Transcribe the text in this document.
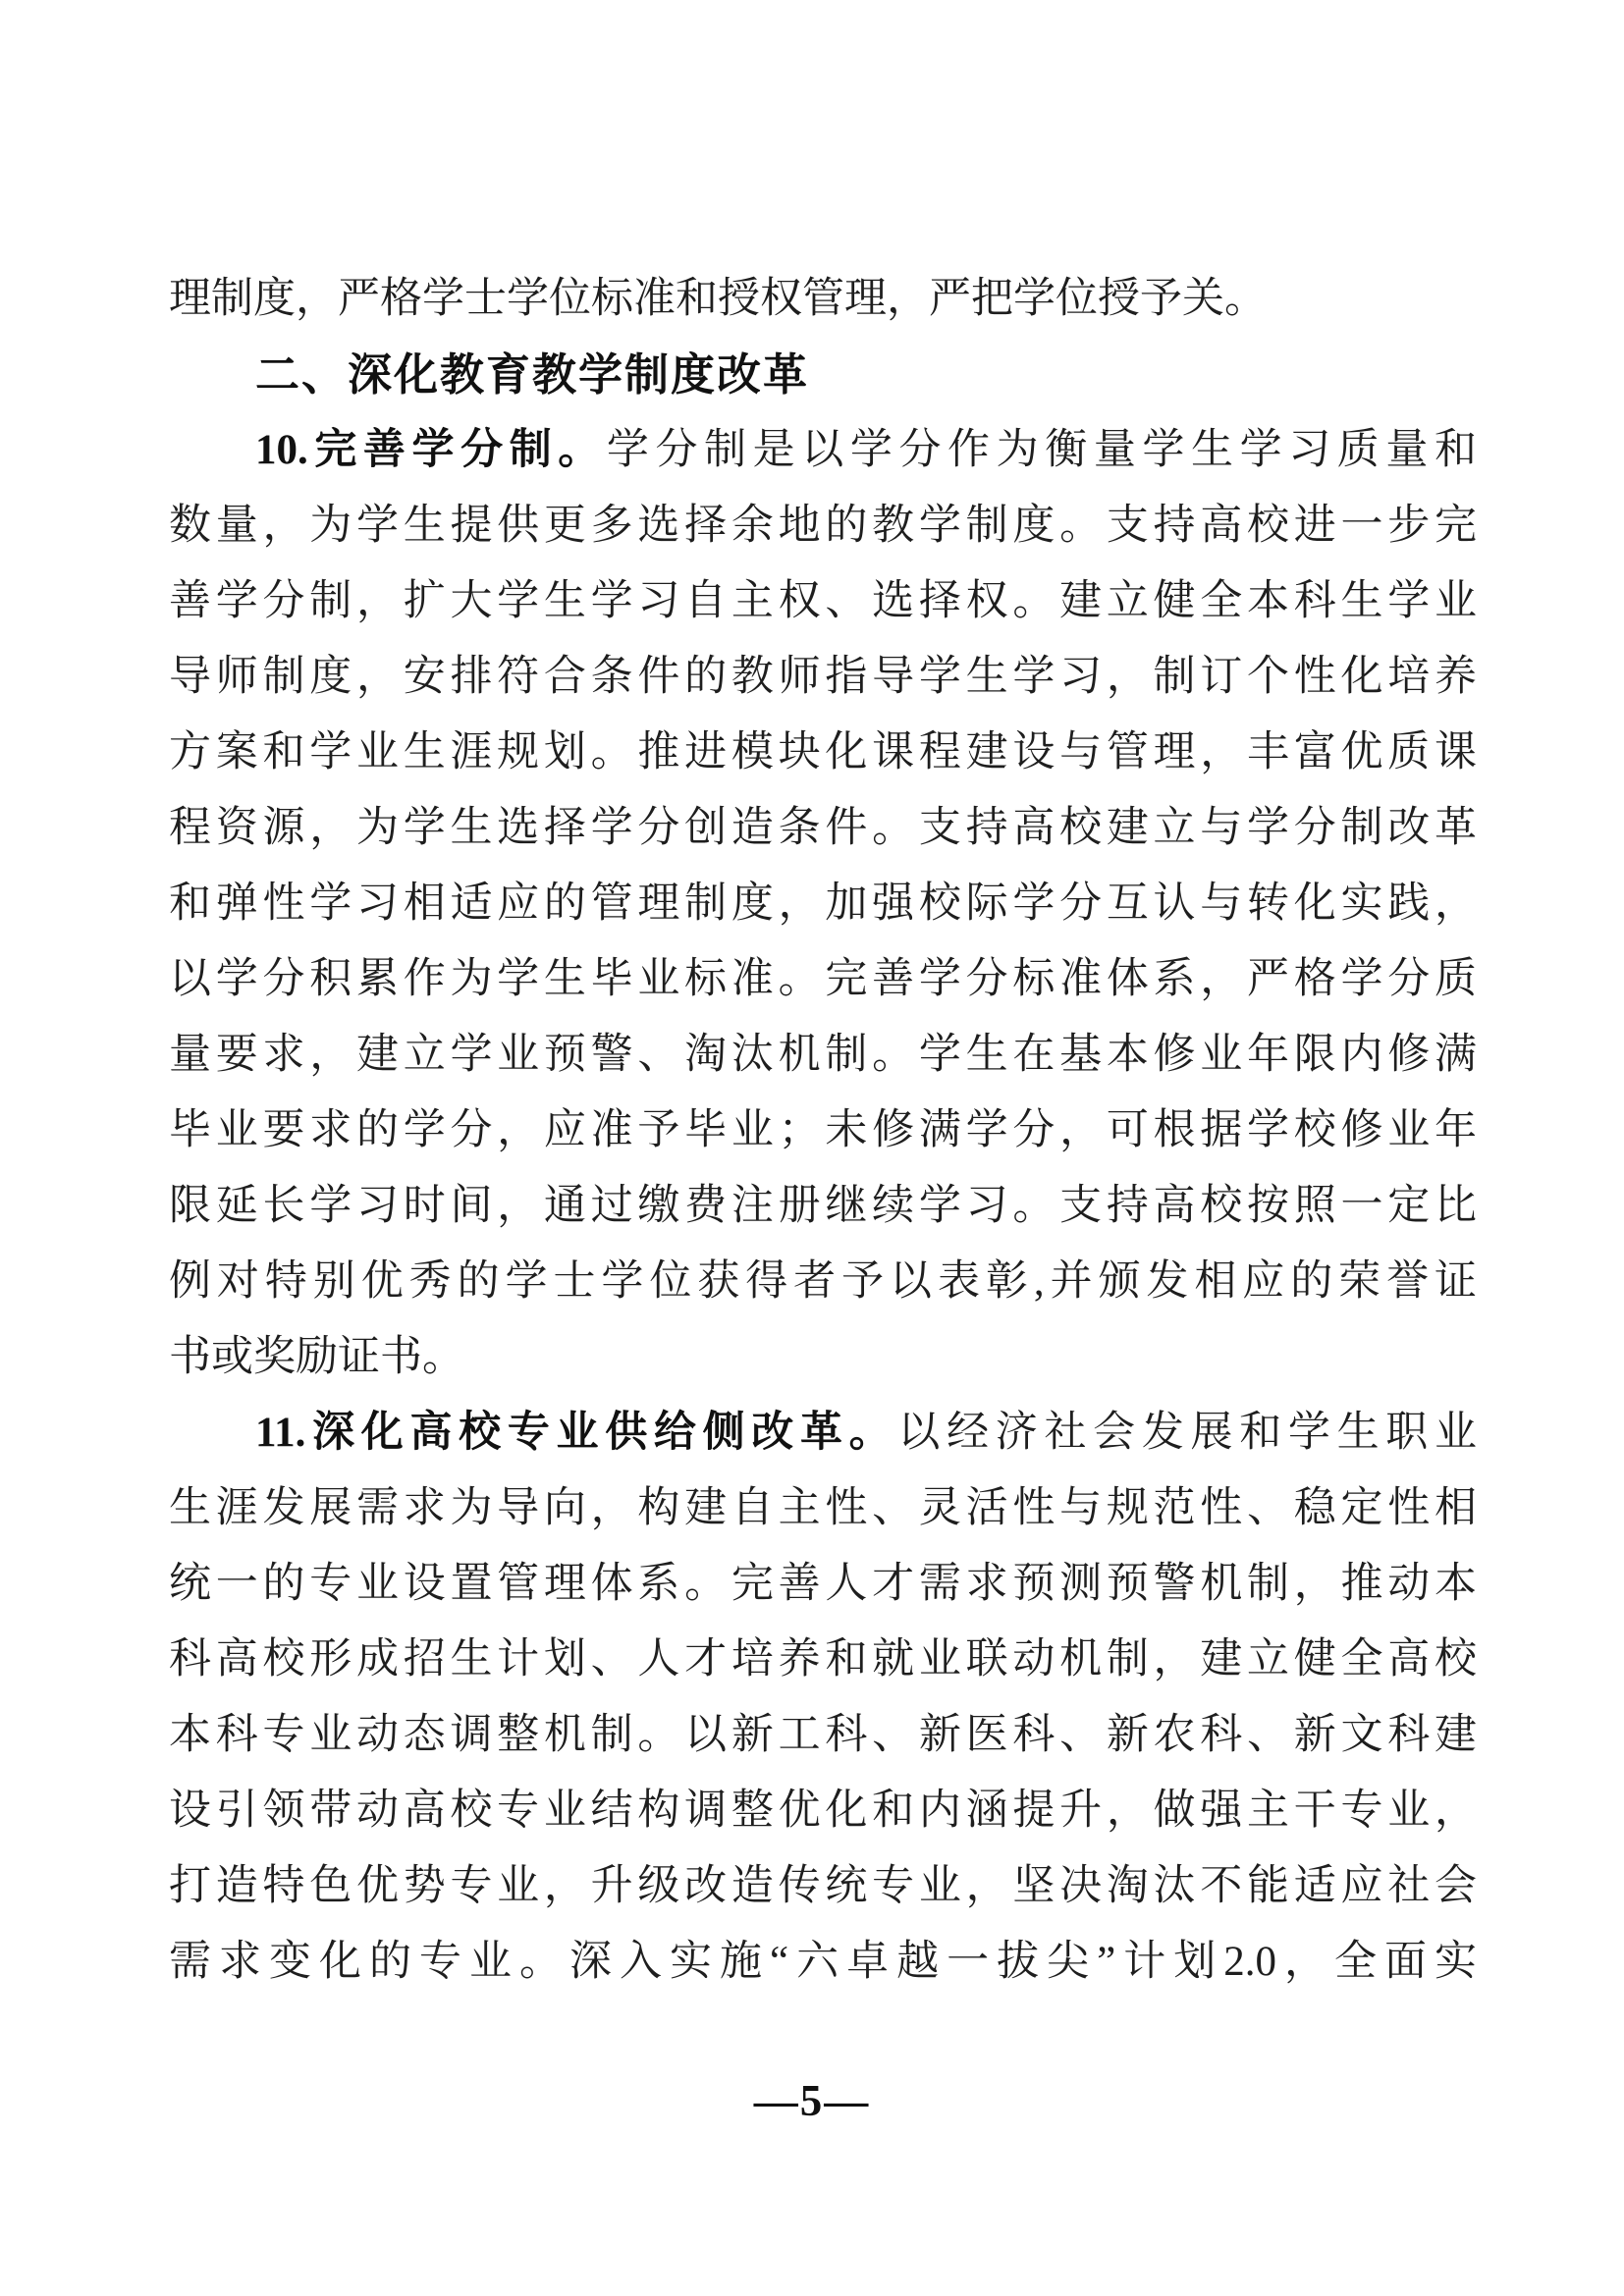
理制度，严格学士学位标准和授权管理，严把学位授予关。
二、深化教育教学制度改革
10.完善学分制。学分制是以学分作为衡量学生学习质量和
数量，为学生提供更多选择余地的教学制度。支持高校进一步完
善学分制，扩大学生学习自主权、选择权。建立健全本科生学业
导师制度，安排符合条件的教师指导学生学习，制订个性化培养
方案和学业生涯规划。推进模块化课程建设与管理，丰富优质课
程资源，为学生选择学分创造条件。支持高校建立与学分制改革
和弹性学习相适应的管理制度，加强校际学分互认与转化实践，
以学分积累作为学生毕业标准。完善学分标准体系，严格学分质
量要求，建立学业预警、淘汰机制。学生在基本修业年限内修满
毕业要求的学分，应准予毕业；未修满学分，可根据学校修业年
限延长学习时间，通过缴费注册继续学习。支持高校按照一定比
例对特别优秀的学士学位获得者予以表彰,并颁发相应的荣誉证
书或奖励证书。
11.深化高校专业供给侧改革。以经济社会发展和学生职业
生涯发展需求为导向，构建自主性、灵活性与规范性、稳定性相
统一的专业设置管理体系。完善人才需求预测预警机制，推动本
科高校形成招生计划、人才培养和就业联动机制，建立健全高校
本科专业动态调整机制。以新工科、新医科、新农科、新文科建
设引领带动高校专业结构调整优化和内涵提升，做强主干专业，
打造特色优势专业，升级改造传统专业，坚决淘汰不能适应社会
需求变化的专业。深入实施“六卓越一拔尖”计划2.0，全面实
—5—
